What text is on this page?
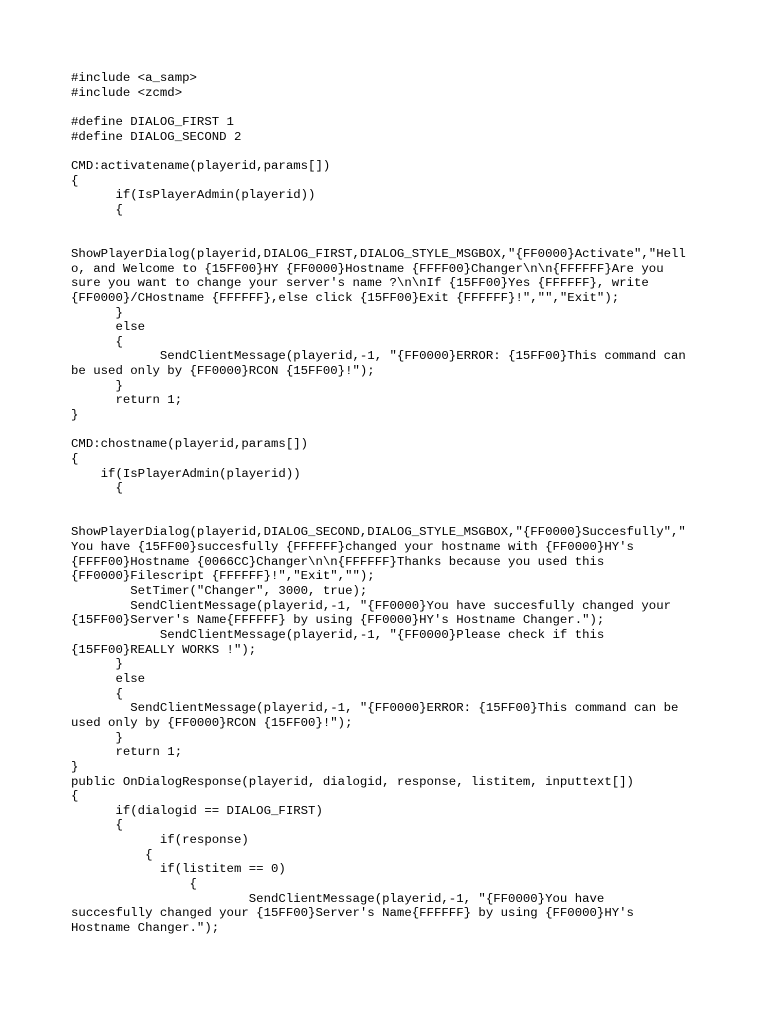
#include <a_samp>
#include <zcmd>
#define DIALOG_FIRST 1
#define DIALOG_SECOND 2
CMD:activatename(playerid,params[])
{
if(IsPlayerAdmin(playerid))
{
ShowPlayerDialog(playerid,DIALOG_FIRST,DIALOG_STYLE_MSGBOX,"{FF0000}Activate","Hell
o, and Welcome to {15FF00}HY {FF0000}Hostname {FFFF00}Changer\n\n{FFFFFF}Are you
sure you want to change your server's name ?\n\nIf {15FF00}Yes {FFFFFF}, write
{FF0000}/CHostname {FFFFFF},else click {15FF00}Exit {FFFFFF}!","","Exit");
}
else
{
SendClientMessage(playerid,-1, "{FF0000}ERROR: {15FF00}This command can
be used only by {FF0000}RCON {15FF00}!");
}
return 1;
}
CMD:chostname(playerid,params[])
{
if(IsPlayerAdmin(playerid))
{
ShowPlayerDialog(playerid,DIALOG_SECOND,DIALOG_STYLE_MSGBOX,"{FF0000}Succesfully","
You have {15FF00}succesfully {FFFFFF}changed your hostname with {FF0000}HY's
{FFFF00}Hostname {0066CC}Changer\n\n{FFFFFF}Thanks because you used this
{FF0000}Filescript {FFFFFF}!","Exit","");
SetTimer("Changer", 3000, true);
SendClientMessage(playerid,-1, "{FF0000}You have succesfully changed your
{15FF00}Server's Name{FFFFFF} by using {FF0000}HY's Hostname Changer.");
SendClientMessage(playerid,-1, "{FF0000}Please check if this
{15FF00}REALLY WORKS !");
}
else
{
SendClientMessage(playerid,-1, "{FF0000}ERROR: {15FF00}This command can be
used only by {FF0000}RCON {15FF00}!");
}
return 1;
}
public OnDialogResponse(playerid, dialogid, response, listitem, inputtext[])
{
if(dialogid == DIALOG_FIRST)
{
if(response)
{
if(listitem == 0)
{
SendClientMessage(playerid,-1, "{FF0000}You have
succesfully changed your {15FF00}Server's Name{FFFFFF} by using {FF0000}HY's
Hostname Changer.");
